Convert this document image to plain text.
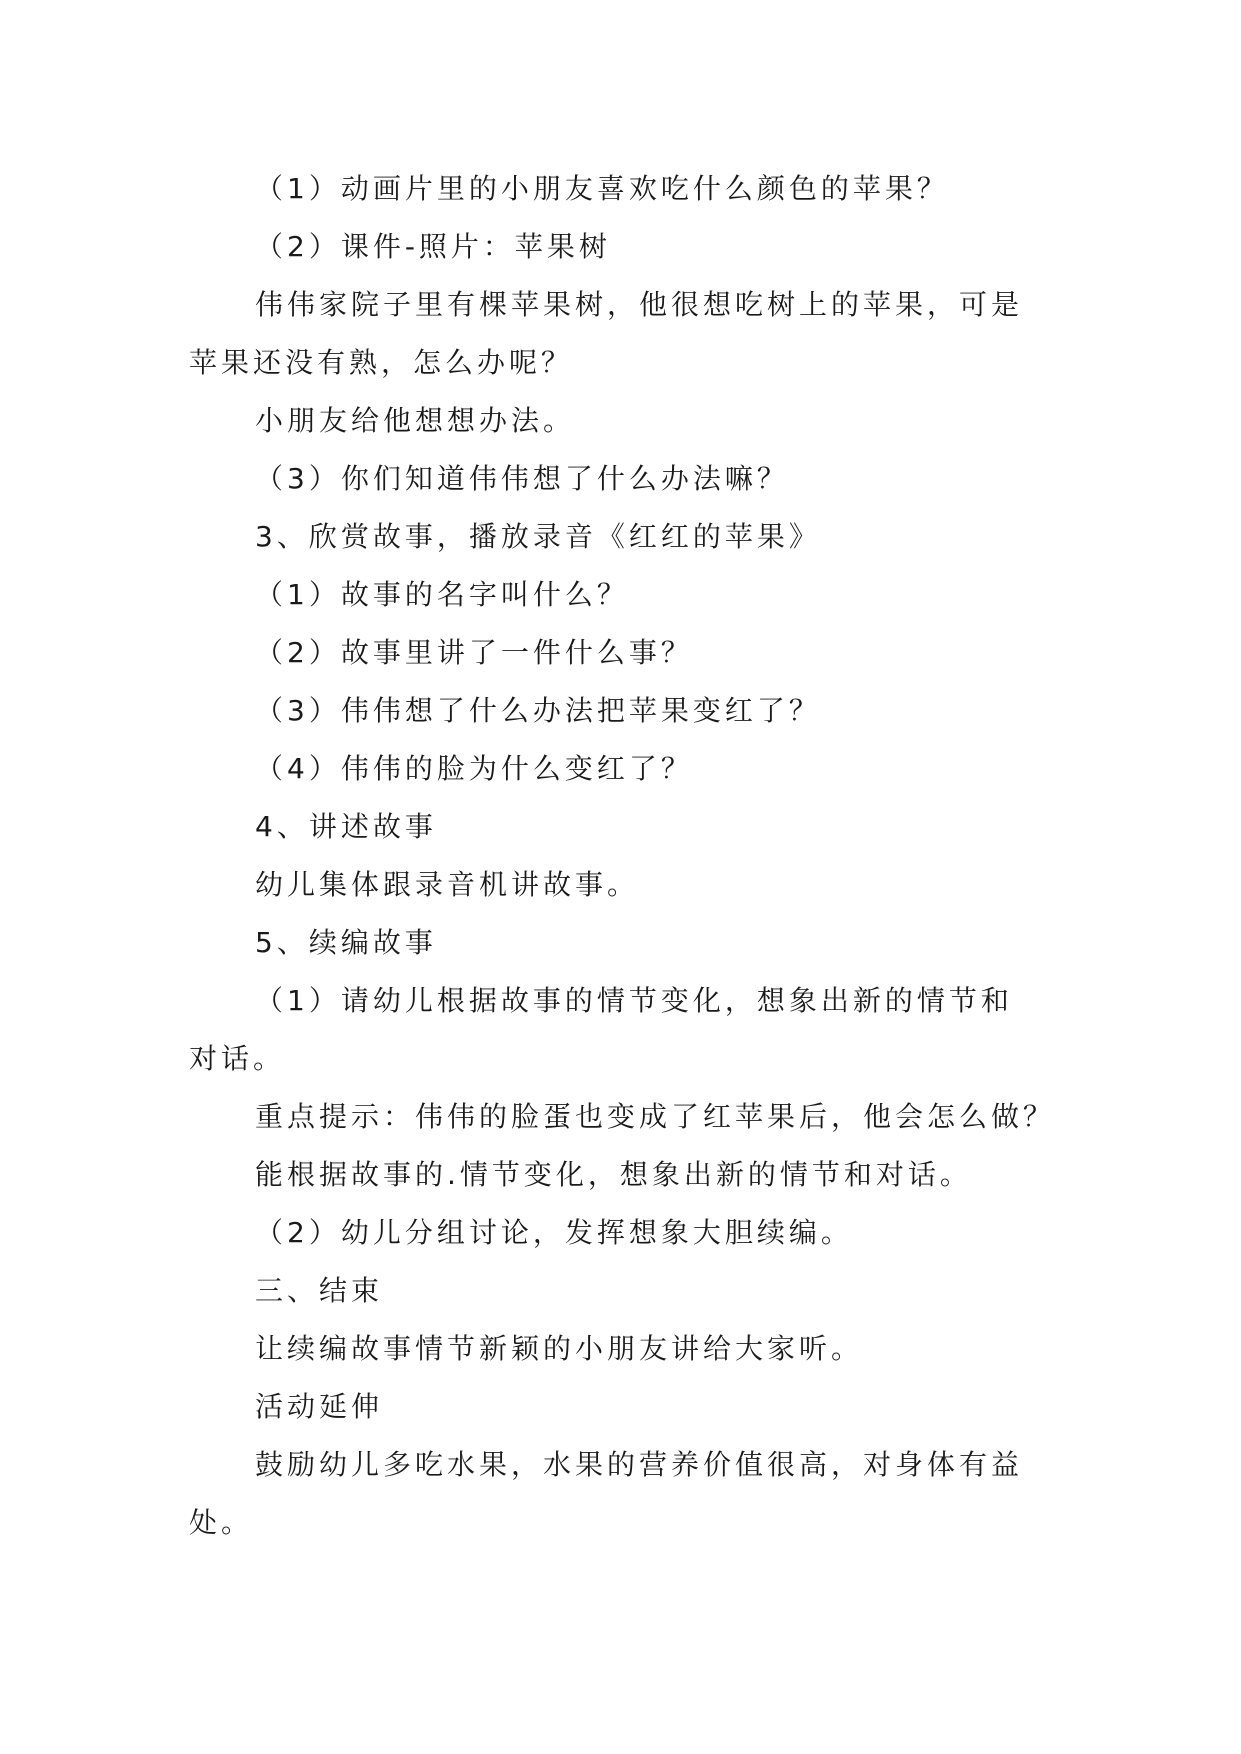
（1）动画片里的小朋友喜欢吃什么颜色的苹果？
（2）课件-照片：苹果树
伟伟家院子里有棵苹果树，他很想吃树上的苹果，可是
苹果还没有熟，怎么办呢？
小朋友给他想想办法。
（3）你们知道伟伟想了什么办法嘛？
3、欣赏故事，播放录音《红红的苹果》
（1）故事的名字叫什么？
（2）故事里讲了一件什么事？
（3）伟伟想了什么办法把苹果变红了？
（4）伟伟的脸为什么变红了？
4、讲述故事
幼儿集体跟录音机讲故事。
5、续编故事
（1）请幼儿根据故事的情节变化，想象出新的情节和
对话。
重点提示：伟伟的脸蛋也变成了红苹果后，他会怎么做？
能根据故事的.情节变化，想象出新的情节和对话。
（2）幼儿分组讨论，发挥想象大胆续编。
三、结束
让续编故事情节新颖的小朋友讲给大家听。
活动延伸
鼓励幼儿多吃水果，水果的营养价值很高，对身体有益
处。
